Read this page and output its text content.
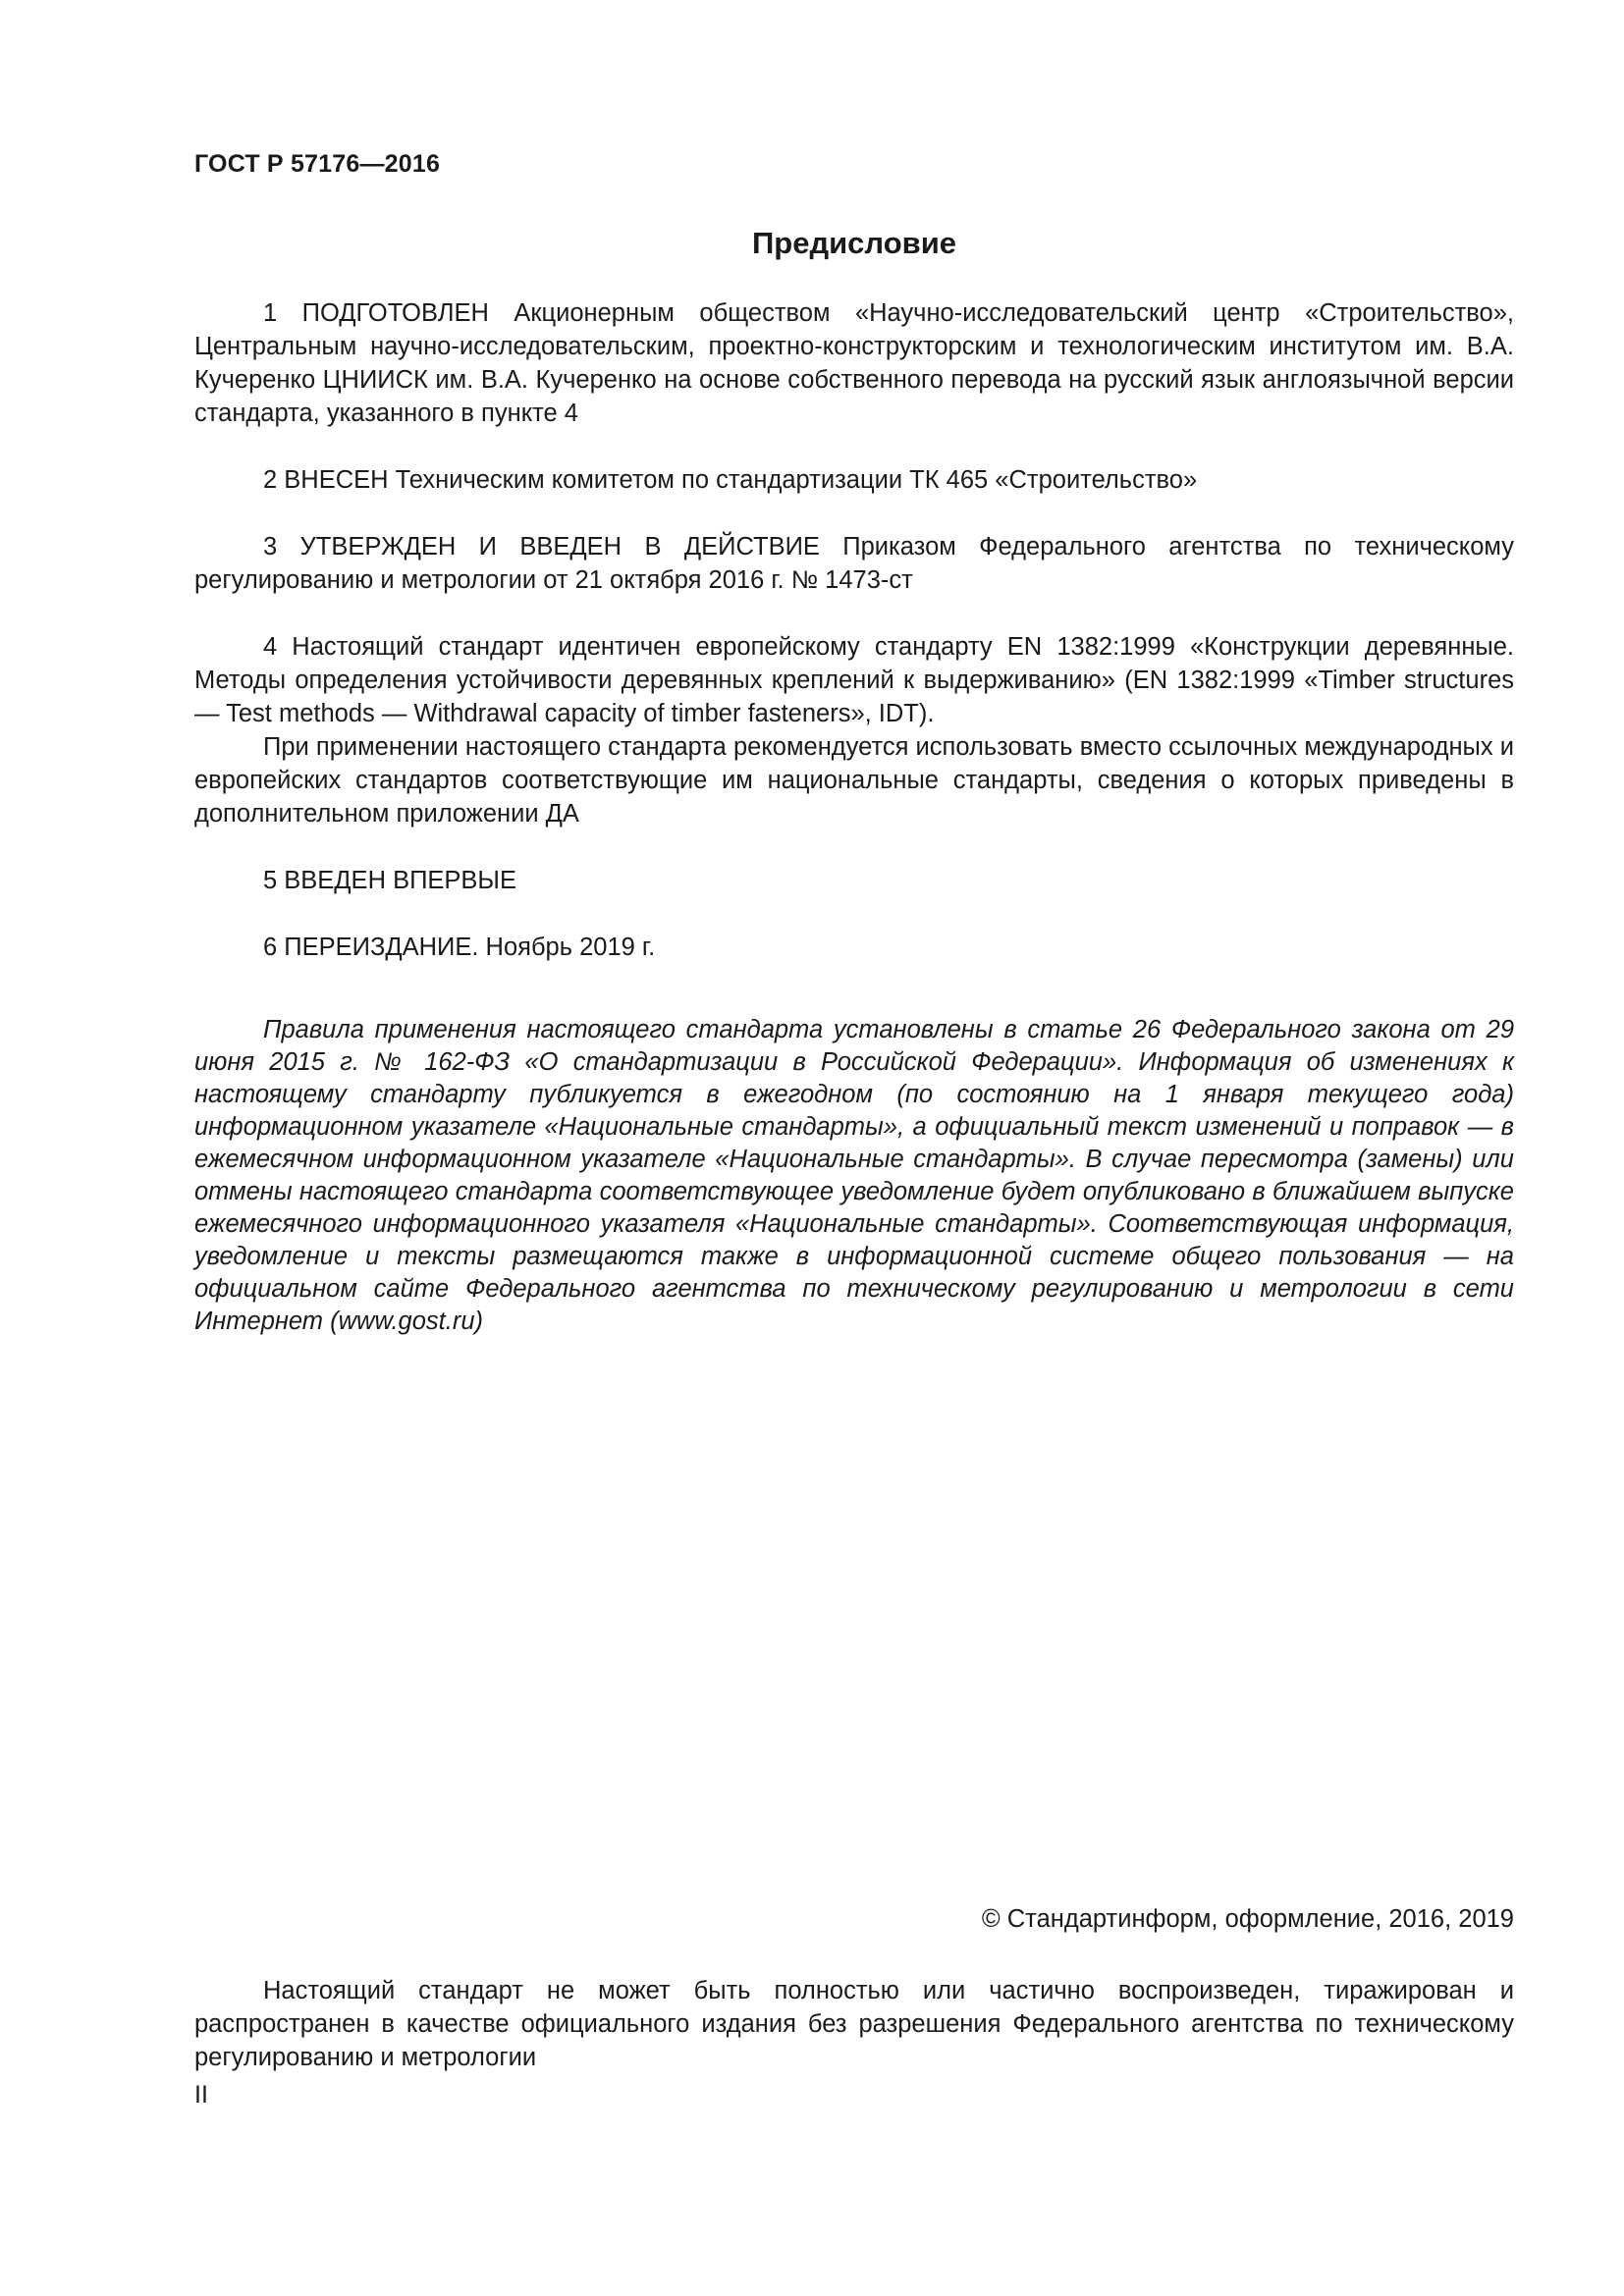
ГОСТ Р 57176—2016
Предисловие

1 ПОДГОТОВЛЕН Акционерным обществом «Научно-исследовательский центр «Строительство», Центральным научно-исследовательским, проектно-конструкторским и технологическим институтом им. В.А. Кучеренко ЦНИИСК им. В.А. Кучеренко на основе собственного перевода на русский язык англоязычной версии стандарта, указанного в пункте 4

2 ВНЕСЕН Техническим комитетом по стандартизации ТК 465 «Строительство»

3 УТВЕРЖДЕН И ВВЕДЕН В ДЕЙСТВИЕ Приказом Федерального агентства по техническому регулированию и метрологии от 21 октября 2016 г. № 1473-ст

4 Настоящий стандарт идентичен европейскому стандарту EN 1382:1999 «Конструкции деревянные. Методы определения устойчивости деревянных креплений к выдерживанию» (EN 1382:1999 «Timber structures — Test methods — Withdrawal capacity of timber fasteners», IDT).

При применении настоящего стандарта рекомендуется использовать вместо ссылочных международных и европейских стандартов соответствующие им национальные стандарты, сведения о которых приведены в дополнительном приложении ДА

5 ВВЕДЕН ВПЕРВЫЕ

6 ПЕРЕИЗДАНИЕ. Ноябрь 2019 г.

Правила применения настоящего стандарта установлены в статье 26 Федерального закона от 29 июня 2015 г. № 162-ФЗ «О стандартизации в Российской Федерации». Информация об изменениях к настоящему стандарту публикуется в ежегодном (по состоянию на 1 января текущего года) информационном указателе «Национальные стандарты», а официальный текст изменений и поправок — в ежемесячном информационном указателе «Национальные стандарты». В случае пересмотра (замены) или отмены настоящего стандарта соответствующее уведомление будет опубликовано в ближайшем выпуске ежемесячного информационного указателя «Национальные стандарты». Соответствующая информация, уведомление и тексты размещаются также в информационной системе общего пользования — на официальном сайте Федерального агентства по техническому регулированию и метрологии в сети Интернет (www.gost.ru)

© Стандартинформ, оформление, 2016, 2019

Настоящий стандарт не может быть полностью или частично воспроизведен, тиражирован и распространен в качестве официального издания без разрешения Федерального агентства по техническому регулированию и метрологии

II
